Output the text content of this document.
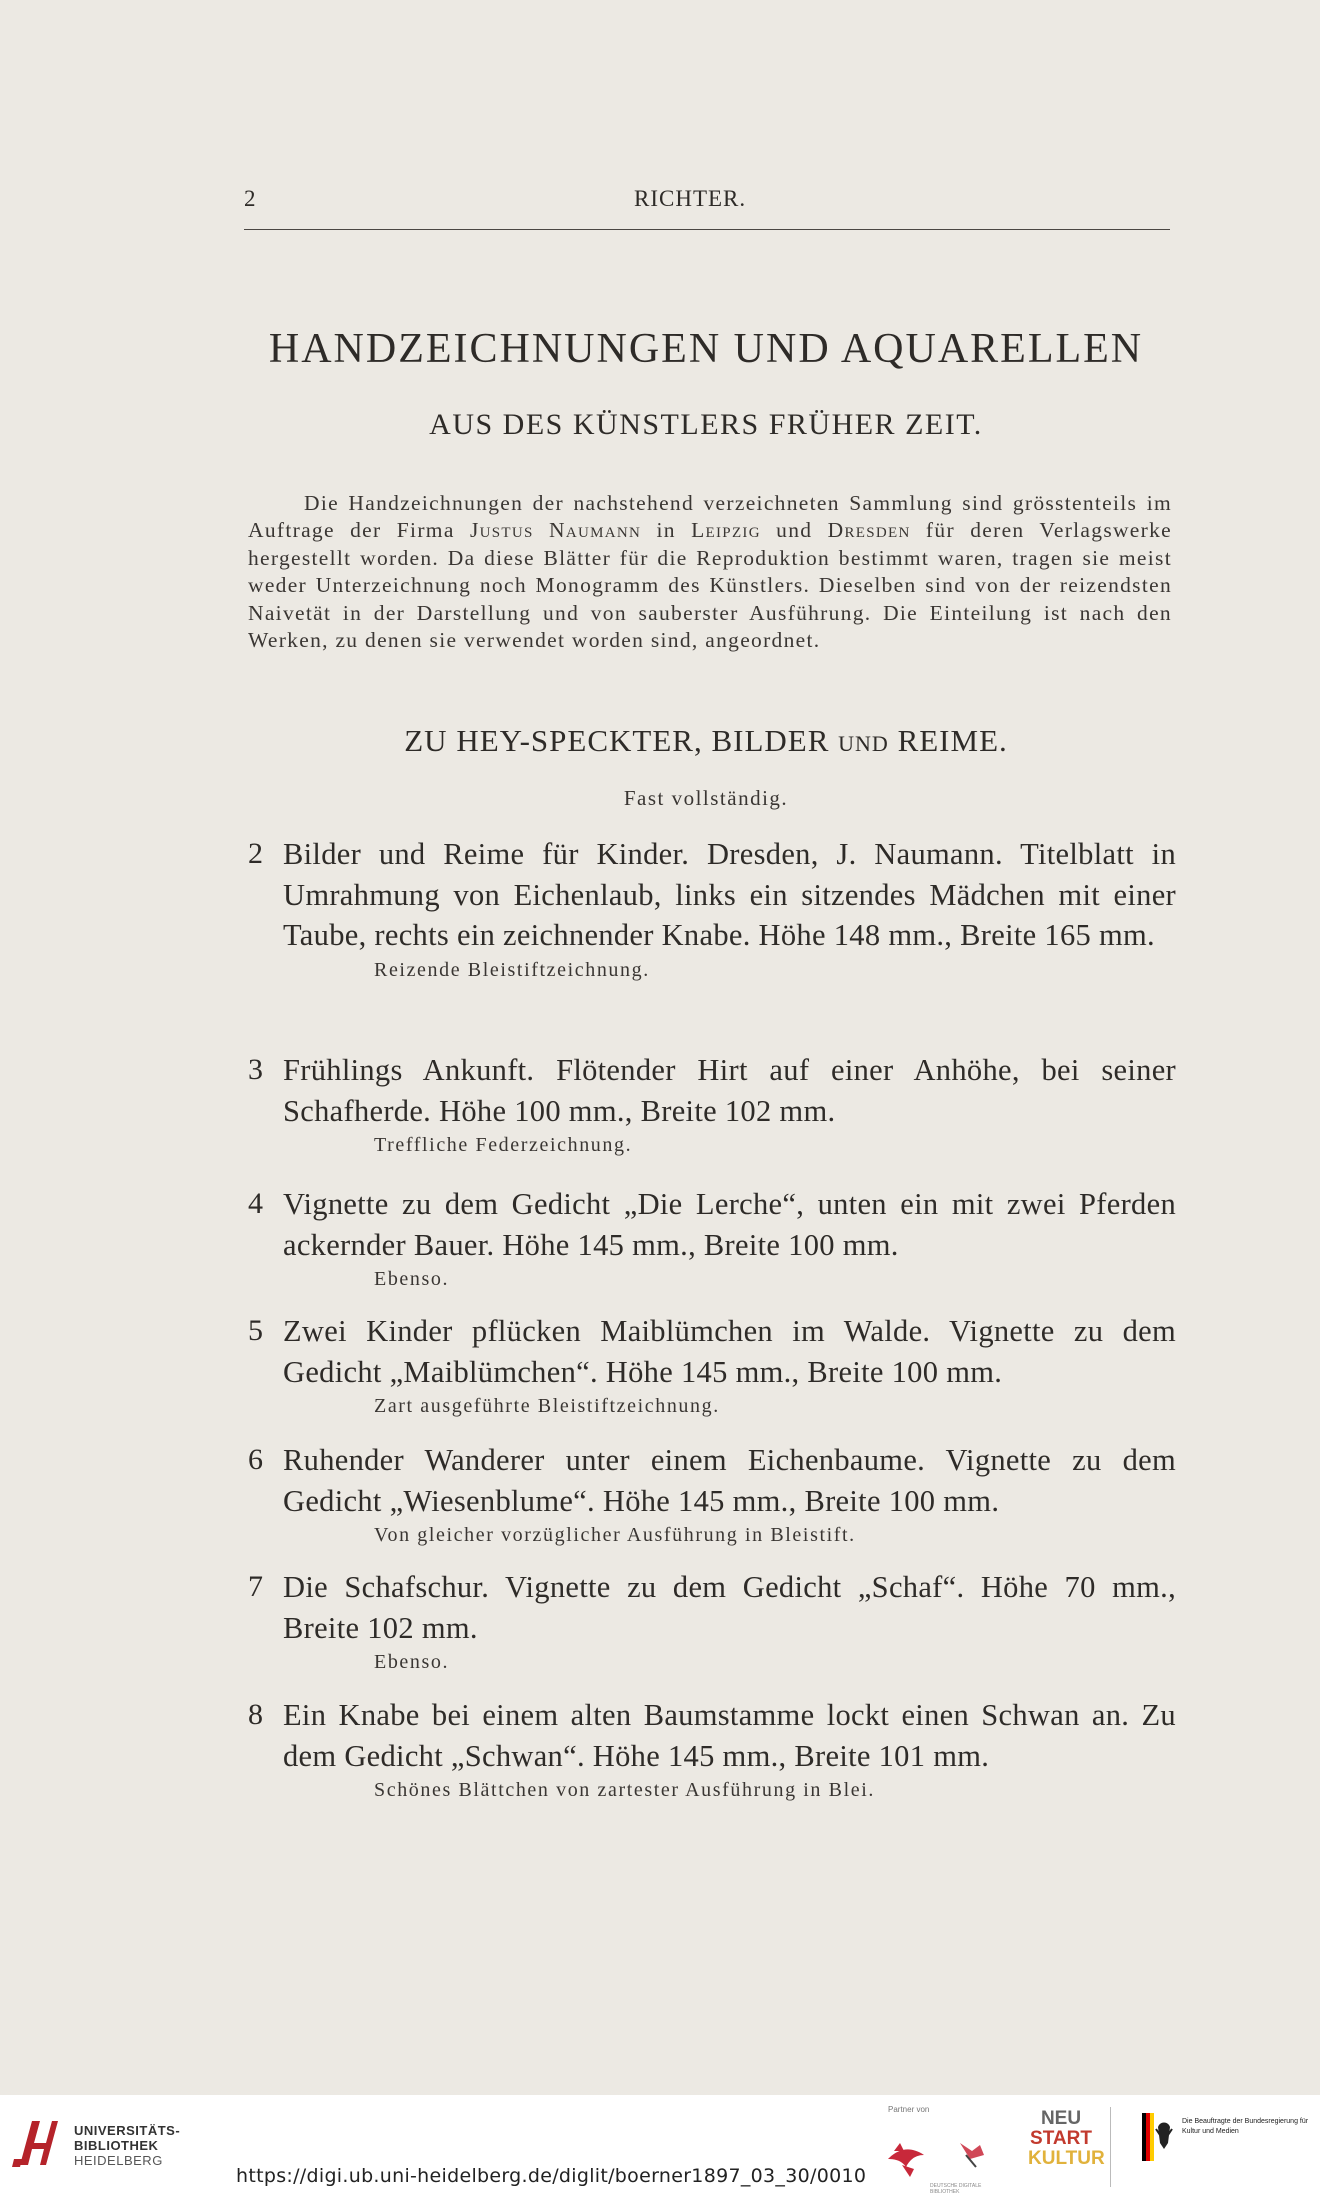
2	RICHTER.
HANDZEICHNUNGEN UND AQUARELLEN
AUS DES KÜNSTLERS FRÜHER ZEIT.

Die Handzeichnungen der nachstehend verzeichneten Sammlung sind grösstenteils im Auftrage der Firma Justus Naumann in Leipzig und Dresden für deren Verlagswerke hergestellt worden. Da diese Blätter für die Reproduktion bestimmt waren, tragen sie meist weder Unterzeichnung noch Monogramm des Künstlers. Dieselben sind von der reizendsten Naivetät in der Darstellung und von sauberster Ausführung. Die Einteilung ist nach den Werken, zu denen sie verwendet worden sind, angeordnet.

ZU HEY-SPECKTER, BILDER und REIME.
Fast vollständig.
2 Bilder und Reime für Kinder. Dresden, J. Naumann. Titelblatt in Umrahmung von Eichenlaub, links ein sitzendes Mädchen mit einer Taube, rechts ein zeichnender Knabe. Höhe 148 mm., Breite 165 mm.
Reizende Bleistiftzeichnung.
3 Frühlings Ankunft. Flötender Hirt auf einer Anhöhe, bei seiner Schafherde. Höhe 100 mm., Breite 102 mm.
Treffliche Federzeichnung.
4 Vignette zu dem Gedicht „Die Lerche“, unten ein mit zwei Pferden ackernder Bauer. Höhe 145 mm., Breite 100 mm.
Ebenso.
5 Zwei Kinder pflücken Maiblümchen im Walde. Vignette zu dem Gedicht „Maiblümchen“. Höhe 145 mm., Breite 100 mm.
Zart ausgeführte Bleistiftzeichnung.
6 Ruhender Wanderer unter einem Eichenbaume. Vignette zu dem Gedicht „Wiesenblume“. Höhe 145 mm., Breite 100 mm.
Von gleicher vorzüglicher Ausführung in Bleistift.
7 Die Schafschur. Vignette zu dem Gedicht „Schaf“. Höhe 70 mm., Breite 102 mm.
Ebenso.
8 Ein Knabe bei einem alten Baumstamme lockt einen Schwan an. Zu dem Gedicht „Schwan“. Höhe 145 mm., Breite 101 mm.
Schönes Blättchen von zartester Ausführung in Blei.
UNIVERSITÄTS-
BIBLIOTHEK
HEIDELBERG
https://digi.ub.uni-heidelberg.de/diglit/boerner1897_03_30/0010
Partner von
DEUTSCHE DIGITALE BIBLIOTHEK
NEU
START
KULTUR
Die Beauftragte der Bundesregierung für Kultur und Medien
